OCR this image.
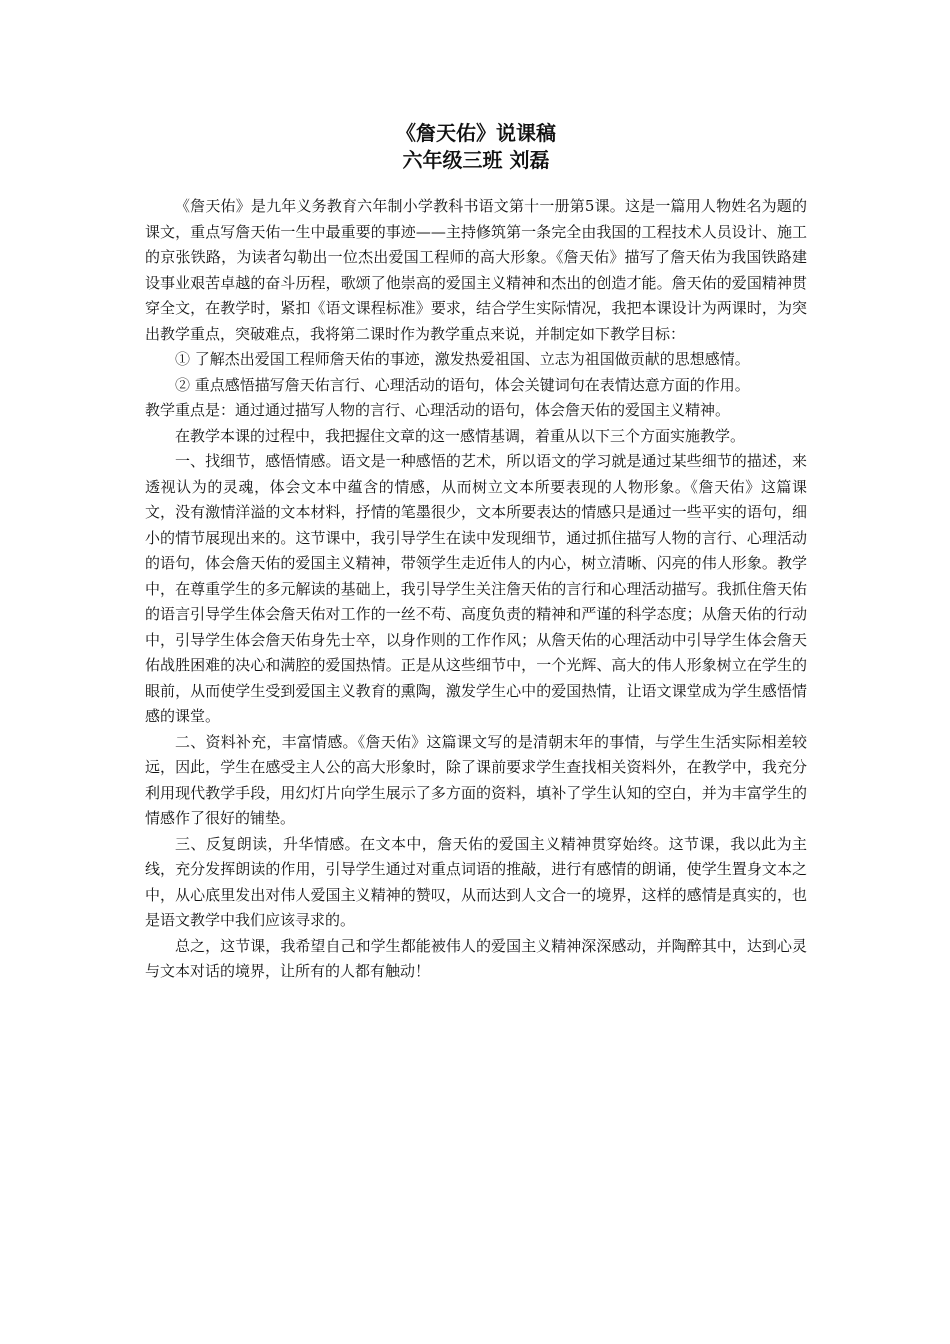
《詹天佑》说课稿
六年级三班 刘磊

《詹天佑》是九年义务教育六年制小学教科书语文第十一册第5课。这是一篇用人物姓名为题的课文，重点写詹天佑一生中最重要的事迹——主持修筑第一条完全由我国的工程技术人员设计、施工的京张铁路，为读者勾勒出一位杰出爱国工程师的高大形象。《詹天佑》描写了詹天佑为我国铁路建设事业艰苦卓越的奋斗历程，歌颂了他崇高的爱国主义精神和杰出的创造才能。詹天佑的爱国精神贯穿全文，在教学时，紧扣《语文课程标准》要求，结合学生实际情况，我把本课设计为两课时，为突出教学重点，突破难点，我将第二课时作为教学重点来说，并制定如下教学目标：

① 了解杰出爱国工程师詹天佑的事迹，激发热爱祖国、立志为祖国做贡献的思想感情。

② 重点感悟描写詹天佑言行、心理活动的语句，体会关键词句在表情达意方面的作用。

教学重点是：通过通过描写人物的言行、心理活动的语句，体会詹天佑的爱国主义精神。

在教学本课的过程中，我把握住文章的这一感情基调，着重从以下三个方面实施教学。

一、找细节，感悟情感。语文是一种感悟的艺术，所以语文的学习就是通过某些细节的描述，来透视认为的灵魂，体会文本中蕴含的情感，从而树立文本所要表现的人物形象。《詹天佑》这篇课文，没有激情洋溢的文本材料，抒情的笔墨很少，文本所要表达的情感只是通过一些平实的语句，细小的情节展现出来的。这节课中，我引导学生在读中发现细节，通过抓住描写人物的言行、心理活动的语句，体会詹天佑的爱国主义精神，带领学生走近伟人的内心，树立清晰、闪亮的伟人形象。教学中，在尊重学生的多元解读的基础上，我引导学生关注詹天佑的言行和心理活动描写。我抓住詹天佑的语言引导学生体会詹天佑对工作的一丝不苟、高度负责的精神和严谨的科学态度；从詹天佑的行动中，引导学生体会詹天佑身先士卒，以身作则的工作作风；从詹天佑的心理活动中引导学生体会詹天佑战胜困难的决心和满腔的爱国热情。正是从这些细节中，一个光辉、高大的伟人形象树立在学生的眼前，从而使学生受到爱国主义教育的熏陶，激发学生心中的爱国热情，让语文课堂成为学生感悟情感的课堂。

二、资料补充，丰富情感。《詹天佑》这篇课文写的是清朝末年的事情，与学生生活实际相差较远，因此，学生在感受主人公的高大形象时，除了课前要求学生查找相关资料外，在教学中，我充分利用现代教学手段，用幻灯片向学生展示了多方面的资料，填补了学生认知的空白，并为丰富学生的情感作了很好的铺垫。

三、反复朗读，升华情感。在文本中，詹天佑的爱国主义精神贯穿始终。这节课，我以此为主线，充分发挥朗读的作用，引导学生通过对重点词语的推敲，进行有感情的朗诵，使学生置身文本之中，从心底里发出对伟人爱国主义精神的赞叹，从而达到人文合一的境界，这样的感情是真实的，也是语文教学中我们应该寻求的。

总之，这节课，我希望自己和学生都能被伟人的爱国主义精神深深感动，并陶醉其中，达到心灵与文本对话的境界，让所有的人都有触动！
